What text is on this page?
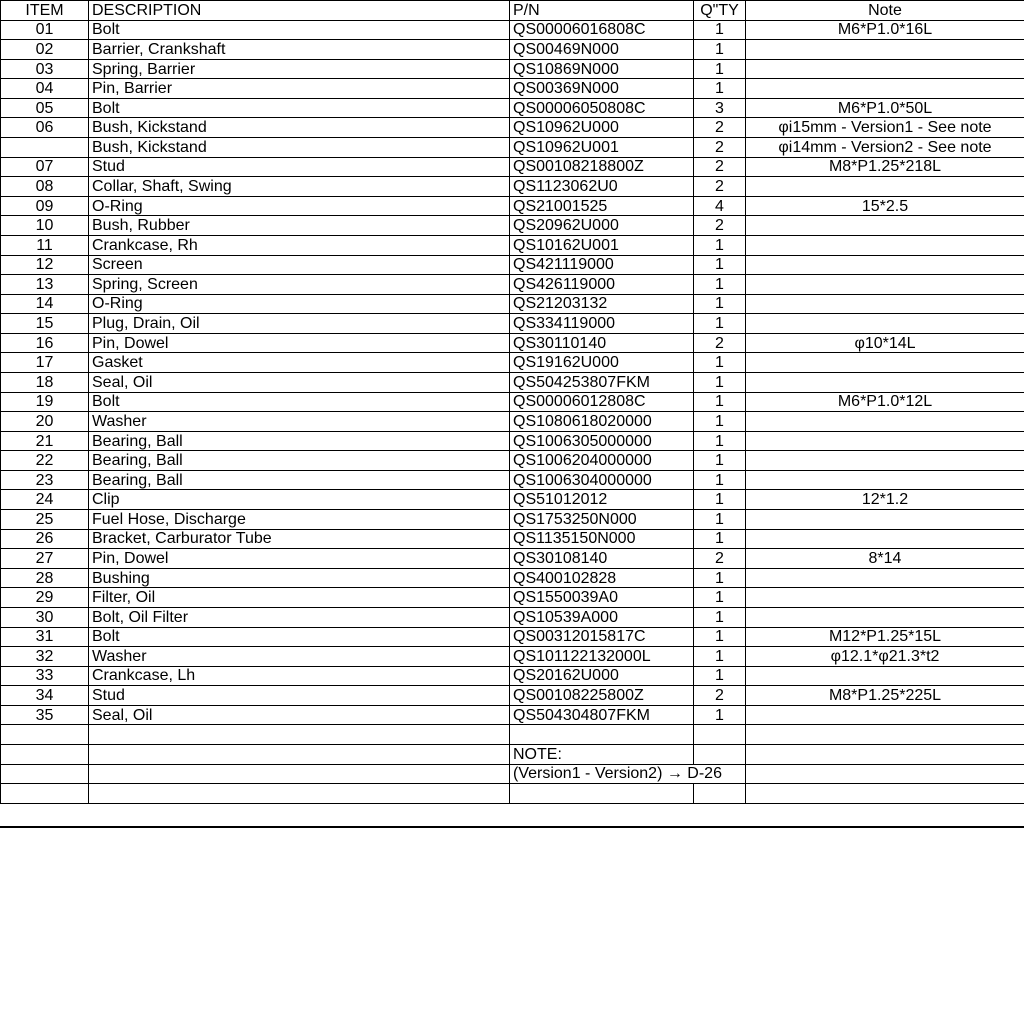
ITEM	DESCRIPTION	P/N	Q"TY	Note
01	Bolt	QS00006016808C	1	M6*P1.0*16L
02	Barrier, Crankshaft	QS00469N000	1	
03	Spring, Barrier	QS10869N000	1	
04	Pin, Barrier	QS00369N000	1	
05	Bolt	QS00006050808C	3	M6*P1.0*50L
06	Bush, Kickstand	QS10962U000	2	φi15mm - Version1 - See note
	Bush, Kickstand	QS10962U001	2	φi14mm - Version2 - See note
07	Stud	QS00108218800Z	2	M8*P1.25*218L
08	Collar, Shaft, Swing	QS1123062U0	2	
09	O-Ring	QS21001525	4	15*2.5
10	Bush, Rubber	QS20962U000	2	
11	Crankcase, Rh	QS10162U001	1	
12	Screen	QS421119000	1	
13	Spring, Screen	QS426119000	1	
14	O-Ring	QS21203132	1	
15	Plug, Drain, Oil	QS334119000	1	
16	Pin, Dowel	QS30110140	2	φ10*14L
17	Gasket	QS19162U000	1	
18	Seal, Oil	QS504253807FKM	1	
19	Bolt	QS00006012808C	1	M6*P1.0*12L
20	Washer	QS1080618020000	1	
21	Bearing, Ball	QS1006305000000	1	
22	Bearing, Ball	QS1006204000000	1	
23	Bearing, Ball	QS1006304000000	1	
24	Clip	QS51012012	1	12*1.2
25	Fuel Hose, Discharge	QS1753250N000	1	
26	Bracket, Carburator Tube	QS1135150N000	1	
27	Pin, Dowel	QS30108140	2	8*14
28	Bushing	QS400102828	1	
29	Filter, Oil	QS1550039A0	1	
30	Bolt, Oil Filter	QS10539A000	1	
31	Bolt	QS00312015817C	1	M12*P1.25*15L
32	Washer	QS101122132000L	1	φ12.1*φ21.3*t2
33	Crankcase, Lh	QS20162U000	1	
34	Stud	QS00108225800Z	2	M8*P1.25*225L
35	Seal, Oil	QS504304807FKM	1	

		NOTE:		
		(Version1 - Version2) → D-26		
